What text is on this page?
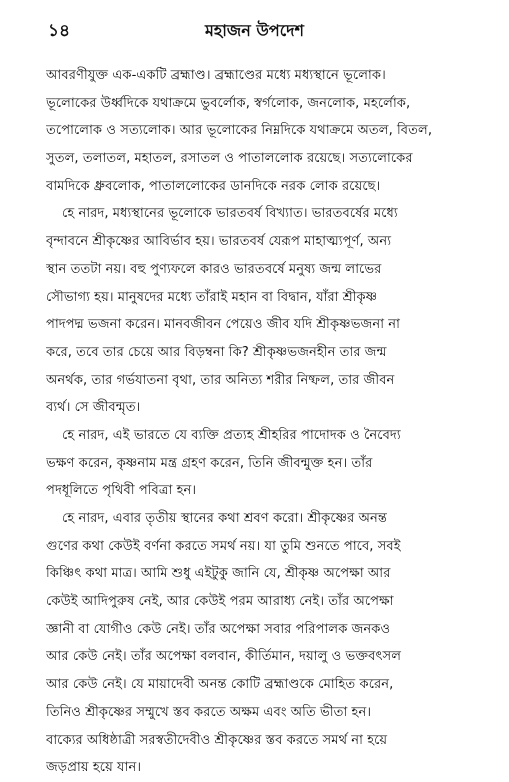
১৪	মহাজন উপদেশ
আবরণীযুক্ত এক-একটি ব্রহ্মাণ্ড। ব্রহ্মাণ্ডের মধ্যে মধ্যস্থানে ভূলোক।
ভূলোকের উর্ধ্বদিকে যথাক্রমে ভুবর্লোক, স্বর্গলোক, জনলোক, মহর্লোক,
তপোলোক ও সত্যলোক। আর ভূলোকের নিম্নদিকে যথাক্রমে অতল, বিতল,
সুতল, তলাতল, মহাতল, রসাতল ও পাতাললোক রয়েছে। সত্যলোকের
বামদিকে ধ্রুবলোক, পাতাললোকের ডানদিকে নরক লোক রয়েছে।
হে নারদ, মধ্যস্থানের ভূলোকে ভারতবর্ষ বিখ্যাত। ভারতবর্ষের মধ্যে
বৃন্দাবনে শ্রীকৃষ্ণের আবির্ভাব হয়। ভারতবর্ষ যেরূপ মাহাত্ম্যপূর্ণ, অন্য
স্থান ততটা নয়। বহু পুণ্যফলে কারও ভারতবর্ষে মনুষ্য জন্ম লাভের
সৌভাগ্য হয়। মানুষদের মধ্যে তাঁরাই মহান বা বিদ্বান, যাঁরা শ্রীকৃষ্ণ
পাদপদ্ম ভজনা করেন। মানবজীবন পেয়েও জীব যদি শ্রীকৃষ্ণভজনা না
করে, তবে তার চেয়ে আর বিড়ম্বনা কি? শ্রীকৃষ্ণভজনহীন তার জন্ম
অনর্থক, তার গর্ভযাতনা বৃথা, তার অনিত্য শরীর নিষ্ফল, তার জীবন
ব্যর্থ। সে জীবন্মৃত।
হে নারদ, এই ভারতে যে ব্যক্তি প্রত্যহ শ্রীহরির পাদোদক ও নৈবেদ্য
ভক্ষণ করেন, কৃষ্ণনাম মন্ত্র গ্রহণ করেন, তিনি জীবন্মুক্ত হন। তাঁর
পদধূলিতে পৃথিবী পবিত্রা হন।
হে নারদ, এবার তৃতীয় স্থানের কথা শ্রবণ করো। শ্রীকৃষ্ণের অনন্ত
গুণের কথা কেউই বর্ণনা করতে সমর্থ নয়। যা তুমি শুনতে পাবে, সবই
কিঞ্চিৎ কথা মাত্র। আমি শুধু এইটুকু জানি যে, শ্রীকৃষ্ণ অপেক্ষা আর
কেউই আদিপুরুষ নেই, আর কেউই পরম আরাধ্য নেই। তাঁর অপেক্ষা
জ্ঞানী বা যোগীও কেউ নেই। তাঁর অপেক্ষা সবার পরিপালক জনকও
আর কেউ নেই। তাঁর অপেক্ষা বলবান, কীর্তিমান, দয়ালু ও ভক্তবৎসল
আর কেউ নেই। যে মায়াদেবী অনন্ত কোটি ব্রহ্মাণ্ডকে মোহিত করেন,
তিনিও শ্রীকৃষ্ণের সম্মুখে স্তব করতে অক্ষম এবং অতি ভীতা হন।
বাক্যের অধিষ্ঠাত্রী সরস্বতীদেবীও শ্রীকৃষ্ণের স্তব করতে সমর্থ না হয়ে
জড়প্রায় হয়ে যান।
